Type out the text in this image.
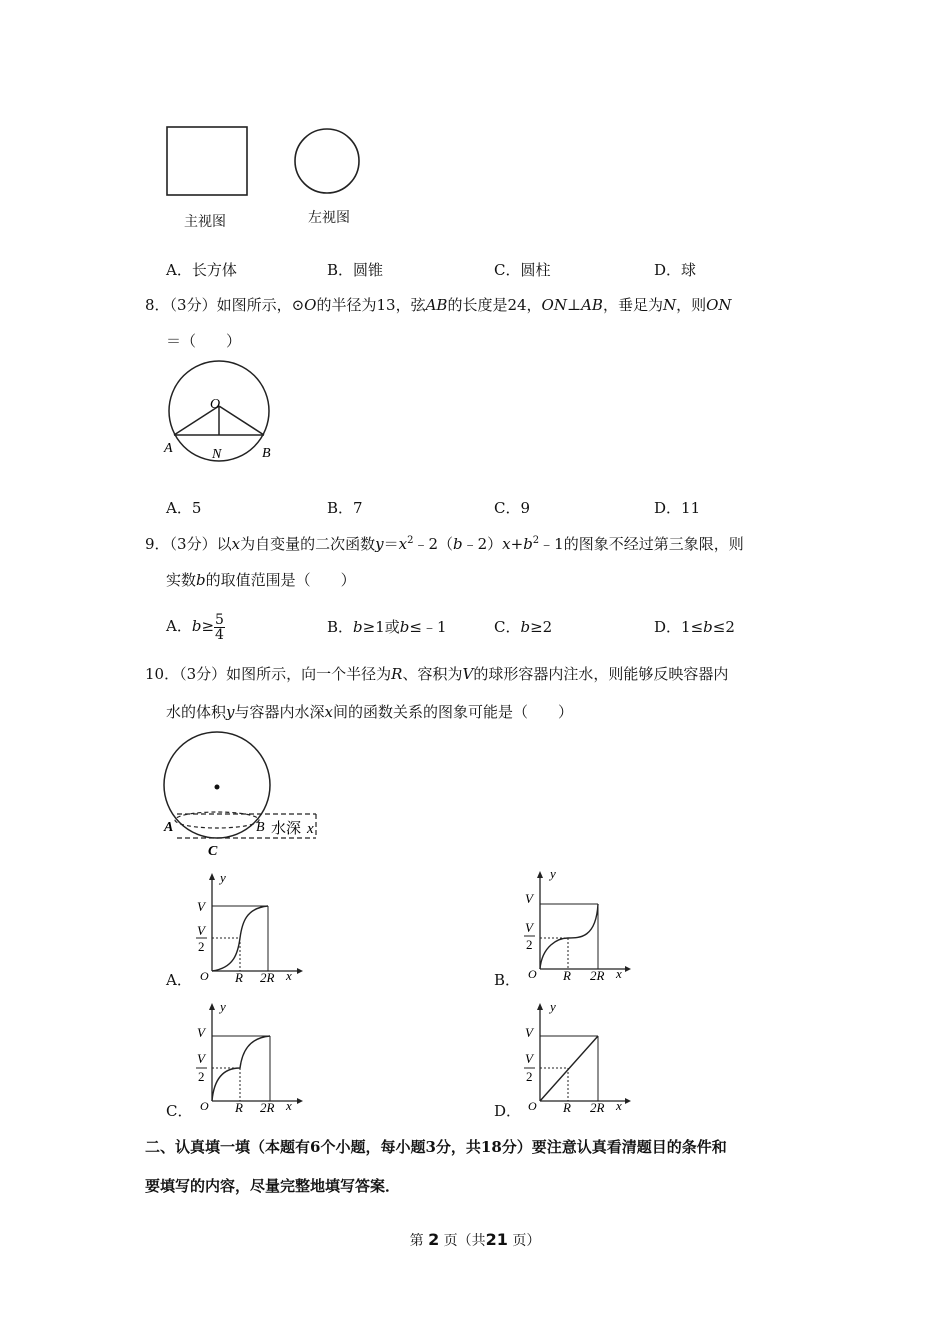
主视图	左视图
A．长方体	B．圆锥	C．圆柱	D．球
8．（3分）如图所示，⊙O的半径为13，弦AB的长度是24，ON⊥AB，垂足为N，则ON
＝（　　）
O
A	N	B
A．5	B．7	C．9	D．11
9．（3分）以x为自变量的二次函数$y=x^2﹣2(b﹣2)x+b^2﹣1$的图象不经过第三象限，则
实数b的取值范围是（　　）
A．$b\ge \frac{5}{4}$	B．b≥1或b≤﹣1	C．b≥2	D．1≤b≤2
10．（3分）如图所示，向一个半径为R、容积为V的球形容器内注水，则能够反映容器内
水的体积y与容器内水深x间的函数关系的图象可能是（　　）
A	B 水深 x
C
y
V
V
2
O R 2R x
A．
y
V
V
2
O R 2R x
B．
y
V
V
2
O R 2R x
C．
y
V
V
2
O R 2R x
D．
二、认真填一填（本题有6个小题，每小题3分，共18分）要注意认真看清题目的条件和
要填写的内容，尽量完整地填写答案．
第 2 页（共21 页）
